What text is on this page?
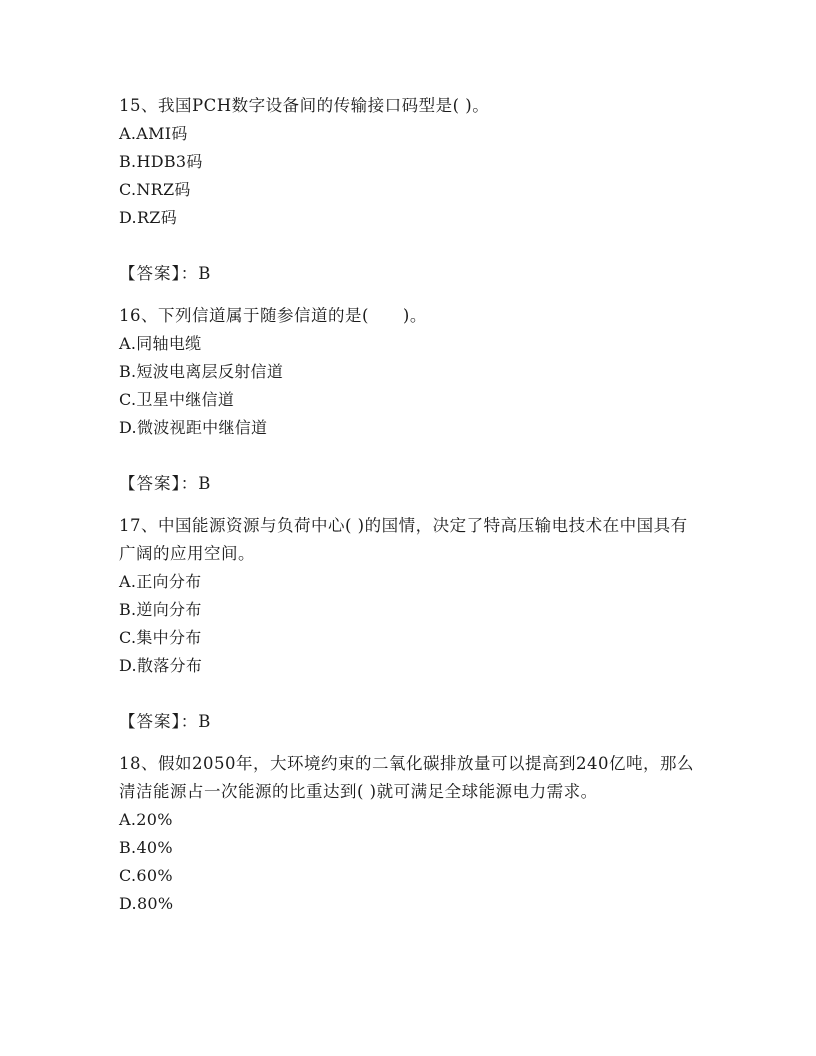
15、我国PCH数字设备间的传输接口码型是( )。

A.AMI码

B.HDB3码

C.NRZ码

D.RZ码

【答案】：B

16、下列信道属于随参信道的是(　　)。

A.同轴电缆

B.短波电离层反射信道

C.卫星中继信道

D.微波视距中继信道

【答案】：B

17、中国能源资源与负荷中心( )的国情，决定了特高压输电技术在中国具有广阔的应用空间。

A.正向分布

B.逆向分布

C.集中分布

D.散落分布

【答案】：B

18、假如2050年，大环境约束的二氧化碳排放量可以提高到240亿吨，那么清洁能源占一次能源的比重达到( )就可满足全球能源电力需求。

A.20%

B.40%

C.60%

D.80%
